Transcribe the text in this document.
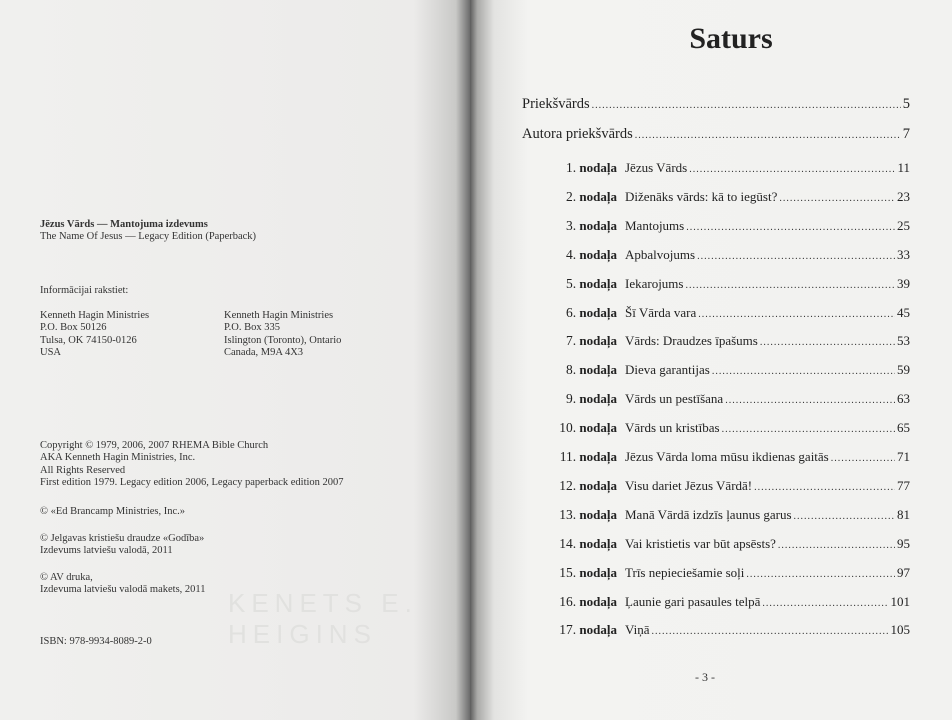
KENETS E. HEIGINS
Jēzus Vārds — Mantojuma izdevums
The Name Of Jesus — Legacy Edition (Paperback)
Informācijai rakstiet:
Kenneth Hagin Ministries
P.O. Box 50126
Tulsa, OK 74150-0126
USA
Kenneth Hagin Ministries
P.O. Box 335
Islington (Toronto), Ontario
Canada, M9A 4X3
Copyright © 1979, 2006, 2007 RHEMA Bible Church
AKA Kenneth Hagin Ministries, Inc.
All Rights Reserved
First edition 1979. Legacy edition 2006, Legacy paperback edition 2007
© «Ed Brancamp Ministries, Inc.»
© Jelgavas kristiešu draudze «Godība»
Izdevums latviešu valodā, 2011
© AV druka,
Izdevuma latviešu valodā makets, 2011
ISBN: 978-9934-8089-2-0
Saturs
Priekšvārds .....	5
Autora priekšvārds .....	7
1. nodaļa Jēzus Vārds .....	11
2. nodaļa Diženāks vārds: kā to iegūst? .....	23
3. nodaļa Mantojums .....	25
4. nodaļa Apbalvojums .....	33
5. nodaļa Iekarojums .....	39
6. nodaļa Šī Vārda vara .....	45
7. nodaļa Vārds: Draudzes īpašums .....	53
8. nodaļa Dieva garantijas .....	59
9. nodaļa Vārds un pestīšana .....	63
10. nodaļa Vārds un kristības .....	65
11. nodaļa Jēzus Vārda loma mūsu ikdienas gaitās .....	71
12. nodaļa Visu dariet Jēzus Vārdā! .....	77
13. nodaļa Manā Vārdā izdzīs ļaunus garus .....	81
14. nodaļa Vai kristietis var būt apsēsts? .....	95
15. nodaļa Trīs nepieciešamie soļi .....	97
16. nodaļa Ļaunie gari pasaules telpā .....	101
17. nodaļa Viņā .....	105
- 3 -
